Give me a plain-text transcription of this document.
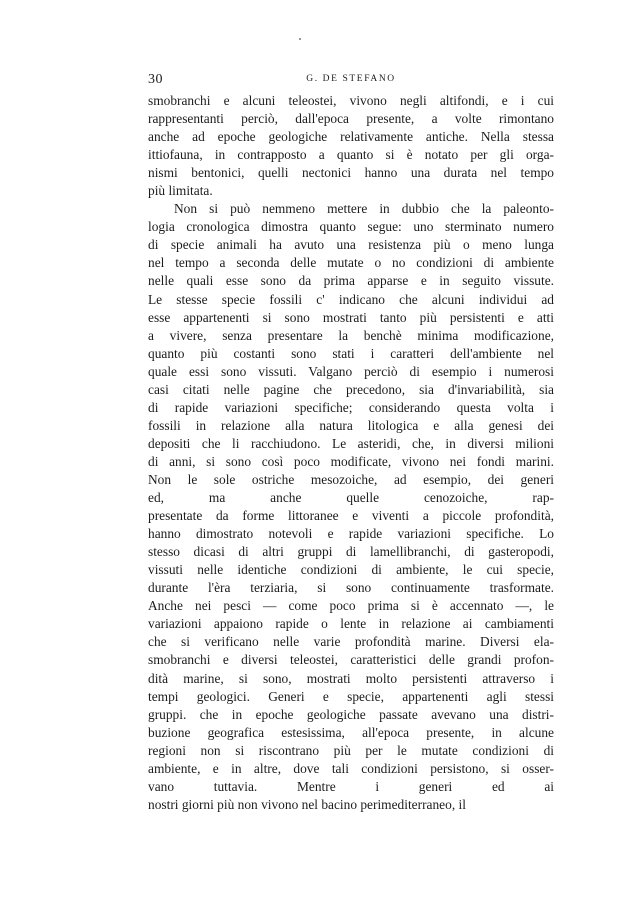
30	G. DE STEFANO
smobranchi e alcuni teleostei, vivono negli altifondi, e i cui
rappresentanti perciò, dall'epoca presente, a volte rimontano
anche ad epoche geologiche relativamente antiche. Nella stessa
ittiofauna, in contrapposto a quanto si è notato per gli orga-
nismi bentonici, quelli nectonici hanno una durata nel tempo
più limitata.
Non si può nemmeno mettere in dubbio che la paleonto-
logia cronologica dimostra quanto segue: uno sterminato numero
di specie animali ha avuto una resistenza più o meno lunga
nel tempo a seconda delle mutate o no condizioni di ambiente
nelle quali esse sono da prima apparse e in seguito vissute.
Le stesse specie fossili c' indicano che alcuni individui ad
esse appartenenti si sono mostrati tanto più persistenti e atti
a vivere, senza presentare la benchè minima modificazione,
quanto più costanti sono stati i caratteri dell'ambiente nel
quale essi sono vissuti. Valgano perciò di esempio i numerosi
casi citati nelle pagine che precedono, sia d'invariabilità, sia
di rapide variazioni specifiche; considerando questa volta i
fossili in relazione alla natura litologica e alla genesi dei
depositi che li racchiudono. Le asteridi, che, in diversi milioni
di anni, si sono così poco modificate, vivono nei fondi marini.
Non le sole ostriche mesozoiche, ad esempio, dei generi
ed, ma anche quelle cenozoiche, rap-
presentate da forme littoranee e viventi a piccole profondità,
hanno dimostrato notevoli e rapide variazioni specifiche. Lo
stesso dicasi di altri gruppi di lamellibranchi, di gasteropodi,
vissuti nelle identiche condizioni di ambiente, le cui specie,
durante l'èra terziaria, si sono continuamente trasformate.
Anche nei pesci — come poco prima si è accennato —, le
variazioni appaiono rapide o lente in relazione ai cambiamenti
che si verificano nelle varie profondità marine. Diversi ela-
smobranchi e diversi teleostei, caratteristici delle grandi profon-
dità marine, si sono, mostrati molto persistenti attraverso i
tempi geologici. Generi e specie, appartenenti agli stessi
gruppi. che in epoche geologiche passate avevano una distri-
buzione geografica estesissima, all'epoca presente, in alcune
regioni non si riscontrano più per le mutate condizioni di
ambiente, e in altre, dove tali condizioni persistono, si osser-
vano tuttavia. Mentre i generi ed ai
nostri giorni più non vivono nel bacino perimediterraneo, il
